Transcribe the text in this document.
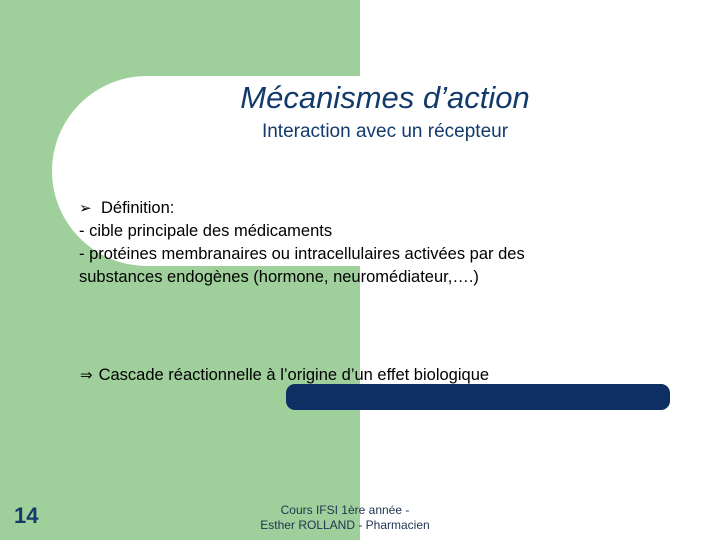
Mécanismes d’action
Interaction avec un récepteur
➢ Définition:
- cible principale des médicaments
- protéines membranaires ou intracellulaires activées par des
substances endogènes (hormone, neuromédiateur,….)
⇒ Cascade réactionnelle à l’origine d’un effet biologique
14	Cours IFSI 1ère année -
Esther ROLLAND - Pharmacien
